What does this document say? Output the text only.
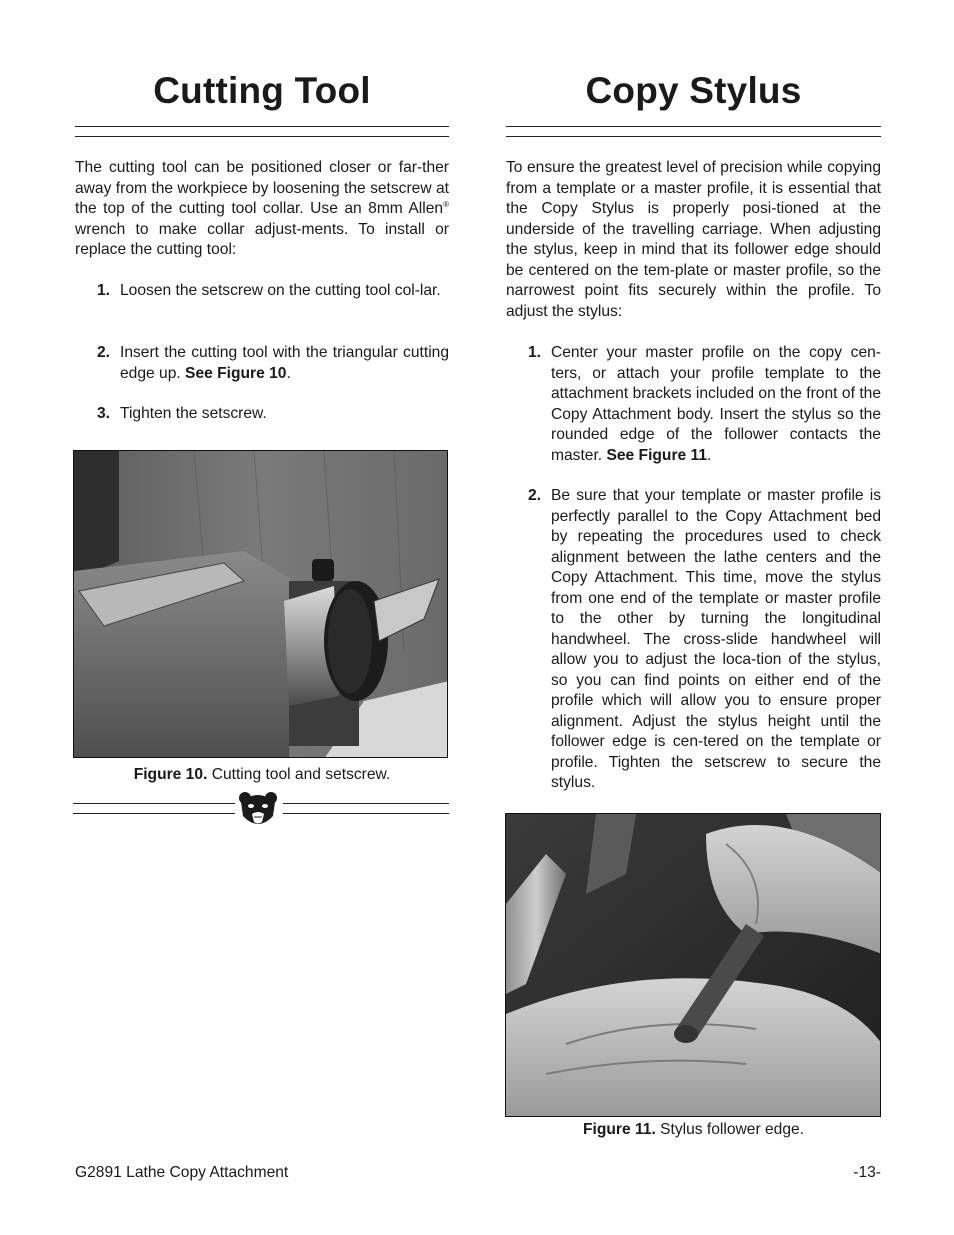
Cutting Tool
The cutting tool can be positioned closer or far-ther away from the workpiece by loosening the setscrew at the top of the cutting tool collar. Use an 8mm Allen® wrench to make collar adjust-ments. To install or replace the cutting tool:
1. Loosen the setscrew on the cutting tool col-lar.
2. Insert the cutting tool with the triangular cutting edge up. See Figure 10.
3. Tighten the setscrew.
Figure 10. Cutting tool and setscrew.
G2891 Lathe Copy Attachment
Copy Stylus
To ensure the greatest level of precision while copying from a template or a master profile, it is essential that the Copy Stylus is properly posi-tioned at the underside of the travelling carriage. When adjusting the stylus, keep in mind that its follower edge should be centered on the tem-plate or master profile, so the narrowest point fits securely within the profile. To adjust the stylus:
1. Center your master profile on the copy cen-ters, or attach your profile template to the attachment brackets included on the front of the Copy Attachment body. Insert the stylus so the rounded edge of the follower contacts the master. See Figure 11.
2. Be sure that your template or master profile is perfectly parallel to the Copy Attachment bed by repeating the procedures used to check alignment between the lathe centers and the Copy Attachment. This time, move the stylus from one end of the template or master profile to the other by turning the longitudinal handwheel. The cross-slide handwheel will allow you to adjust the loca-tion of the stylus, so you can find points on either end of the profile which will allow you to ensure proper alignment. Adjust the stylus height until the follower edge is cen-tered on the template or profile. Tighten the setscrew to secure the stylus.
Figure 11. Stylus follower edge.
-13-
